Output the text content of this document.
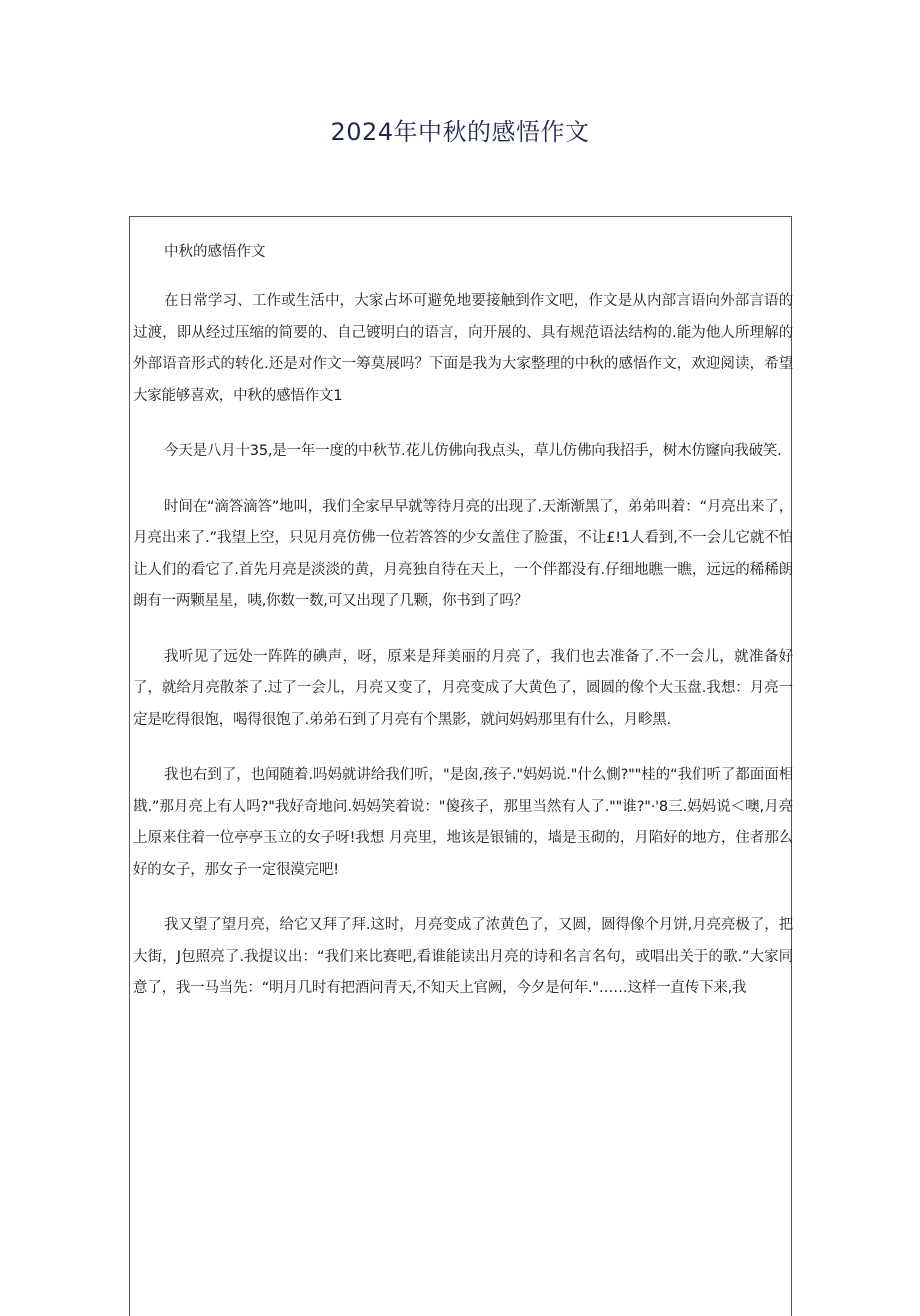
2024年中秋的感悟作文

中秋的感悟作文

在日常学习、工作或生活中，大家占坏可避免地要接触到作文吧，作文是从内部言语向外部言语的过渡，即从经过压缩的简要的、自己镀明白的语言，向开展的、具有规范语法结构的.能为他人所理解的外部语音形式的转化.还是对作文一筹莫展吗？下面是我为大家整理的中秋的感悟作文，欢迎阅读，希望大家能够喜欢，中秋的感悟作文1

今天是八月十35,是一年一度的中秋节.花儿仿佛向我点头，草儿仿佛向我招手，树木仿窿向我破笑.

时间在“滴答滴答”地叫，我们全家早早就等待月亮的出现了.天渐渐黑了，弟弟叫着：“月亮出来了，月亮出来了.”我望上空，只见月亮仿佛一位若答答的少女盖住了脸蛋，不让£!1人看到,不一会儿它就不怕让人们的看它了.首先月亮是淡淡的黄，月亮独自待在天上，一个伴都没有.仔细地瞧一瞧，远远的稀稀朗朗有一两颗星星，咦,你数一数,可又出现了几颗，你书到了吗？

我听见了远处一阵阵的碘声，呀，原来是拜美丽的月亮了，我们也去准备了.不一会儿，就准备好了，就给月亮散茶了.过了一会儿，月亮又变了，月亮变成了大黄色了，圆圆的像个大玉盘.我想：月亮一定是吃得很饱，喝得很饱了.弟弟石到了月亮有个黑影，就问妈妈那里有什么，月畛黑.

我也右到了，也闻随着.吗妈就讲给我们听，"是囱,孩子."妈妈说."什么惻?""桂的“我们听了都面面相戡.”那月亮上有人吗?"我好奇地问.妈妈笑着说："傻孩子，那里当然有人了.""谁?"·'8三.妈妈说＜噢,月亮上原来住着一位亭亭玉立的女子呀!我想 月亮里，地该是银铺的，墙是玉砌的，月陷好的地方，住者那么好的女子，那女子一定很漠完吧!

我又望了望月亮，给它又拜了拜.这时，月亮变成了浓黄色了，又圆，圆得像个月饼,月亮亮极了，把大街，J包照亮了.我提议出：“我们来比赛吧,看谁能读出月亮的诗和名言名句，或唱出关于的歌.”大家同意了，我一马当先：“明月几时有把酒问青天,不知天上官阙，今夕是何年."……这样一直传下来,我
